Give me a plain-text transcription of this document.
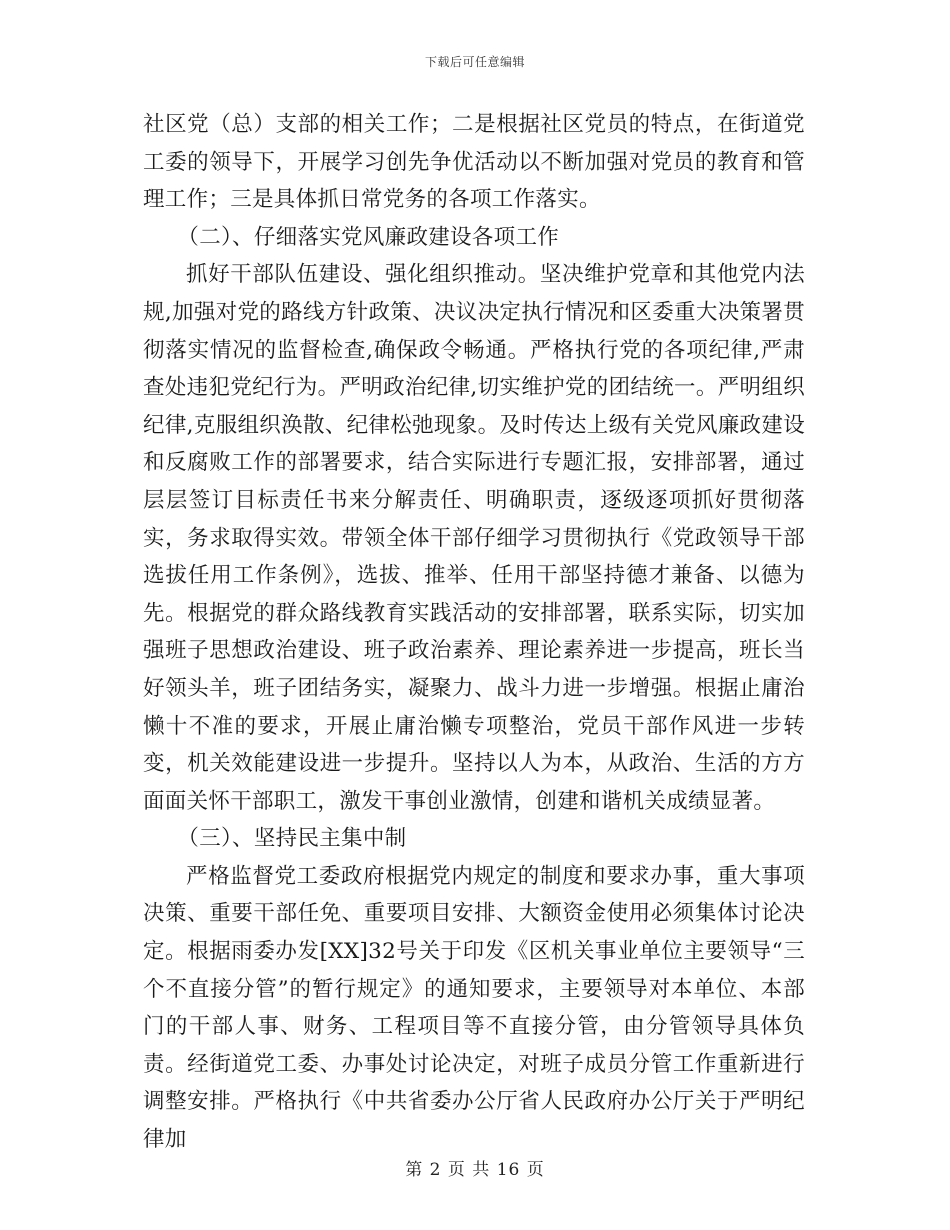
下载后可任意编辑

社区党（总）支部的相关工作；二是根据社区党员的特点，在街道党工委的领导下，开展学习创先争优活动以不断加强对党员的教育和管理工作；三是具体抓日常党务的各项工作落实。

（二）、仔细落实党风廉政建设各项工作

抓好干部队伍建设、强化组织推动。坚决维护党章和其他党内法规,加强对党的路线方针政策、决议决定执行情况和区委重大决策署贯彻落实情况的监督检查,确保政令畅通。严格执行党的各项纪律,严肃查处违犯党纪行为。严明政治纪律,切实维护党的团结统一。严明组织纪律,克服组织涣散、纪律松弛现象。及时传达上级有关党风廉政建设和反腐败工作的部署要求，结合实际进行专题汇报，安排部署，通过层层签订目标责任书来分解责任、明确职责，逐级逐项抓好贯彻落实，务求取得实效。带领全体干部仔细学习贯彻执行《党政领导干部选拔任用工作条例》，选拔、推举、任用干部坚持德才兼备、以德为先。根据党的群众路线教育实践活动的安排部署，联系实际，切实加强班子思想政治建设、班子政治素养、理论素养进一步提高，班长当好领头羊，班子团结务实，凝聚力、战斗力进一步增强。根据止庸治懒十不准的要求，开展止庸治懒专项整治，党员干部作风进一步转变，机关效能建设进一步提升。坚持以人为本，从政治、生活的方方面面关怀干部职工，激发干事创业激情，创建和谐机关成绩显著。

（三）、坚持民主集中制

严格监督党工委政府根据党内规定的制度和要求办事，重大事项决策、重要干部任免、重要项目安排、大额资金使用必须集体讨论决定。根据雨委办发[XX]32号关于印发《区机关事业单位主要领导“三个不直接分管”的暂行规定》的通知要求，主要领导对本单位、本部门的干部人事、财务、工程项目等不直接分管，由分管领导具体负责。经街道党工委、办事处讨论决定，对班子成员分管工作重新进行调整安排。严格执行《中共省委办公厅省人民政府办公厅关于严明纪律加

第 2 页 共 16 页
